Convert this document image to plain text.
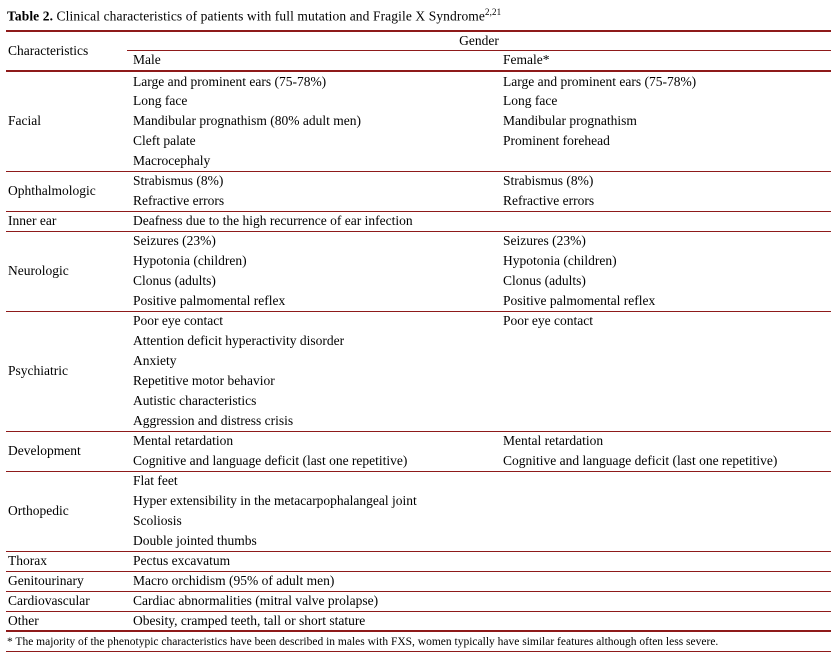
Table 2. Clinical characteristics of patients with full mutation and Fragile X Syndrome$^{2,21}$
Characteristics	Gender	
	Male	Female*
Facial	Large and prominent ears (75-78%)	Large and prominent ears (75-78%)
	Long face	Long face
	Mandibular prognathism (80% adult men)	Mandibular prognathism
	Cleft palate	Prominent forehead
	Macrocephaly	
Ophthalmologic	Strabismus (8%)	Strabismus (8%)
	Refractive errors	Refractive errors
Inner ear	Deafness due to the high recurrence of ear infection	
Neurologic	Seizures (23%)	Seizures (23%)
	Hypotonia (children)	Hypotonia (children)
	Clonus (adults)	Clonus (adults)
	Positive palmomental reflex	Positive palmomental reflex
Psychiatric	Poor eye contact	Poor eye contact
	Attention deficit hyperactivity disorder	
	Anxiety	
	Repetitive motor behavior	
	Autistic characteristics	
	Aggression and distress crisis	
Development	Mental retardation	Mental retardation
	Cognitive and language deficit (last one repetitive)	Cognitive and language deficit (last one repetitive)
Orthopedic	Flat feet	
	Hyper extensibility in the metacarpophalangeal joint	
	Scoliosis	
	Double jointed thumbs	
Thorax	Pectus excavatum	
Genitourinary	Macro orchidism (95% of adult men)	
Cardiovascular	Cardiac abnormalities (mitral valve prolapse)	
Other	Obesity, cramped teeth, tall or short stature	
* The majority of the phenotypic characteristics have been described in males with FXS, women typically have similar features although often less severe.
